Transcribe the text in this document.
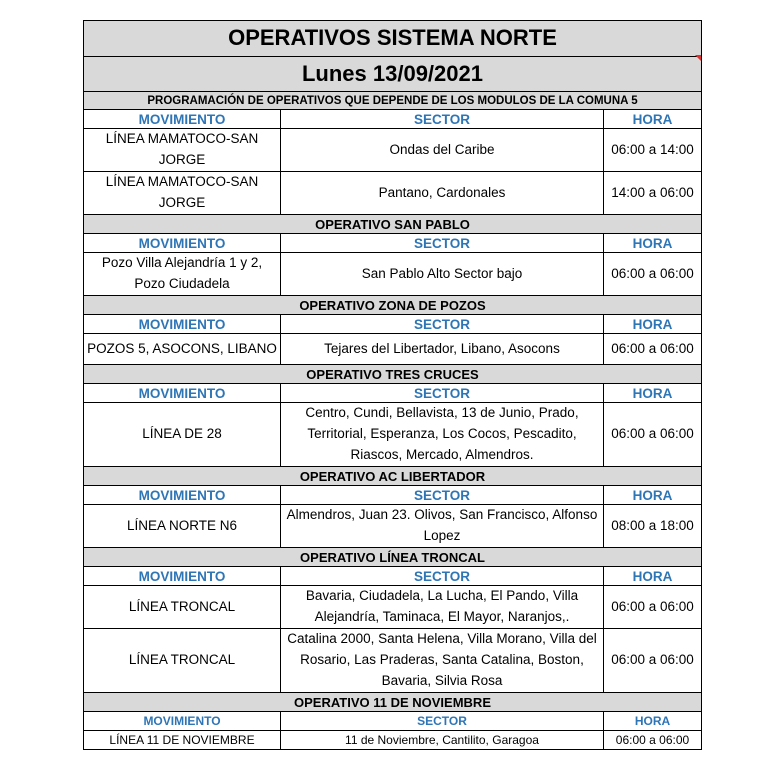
OPERATIVOS SISTEMA NORTE		
Lunes 13/09/2021		
PROGRAMACIÓN DE OPERATIVOS QUE DEPENDE DE LOS MODULOS DE LA COMUNA 5		
MOVIMIENTO	SECTOR	HORA
LÍNEA MAMATOCO-SAN JORGE	Ondas del Caribe	06:00 a 14:00
LÍNEA MAMATOCO-SAN JORGE	Pantano, Cardonales	14:00 a 06:00
OPERATIVO SAN PABLO		
MOVIMIENTO	SECTOR	HORA
Pozo Villa Alejandría 1 y 2, Pozo Ciudadela	San Pablo Alto Sector bajo	06:00 a 06:00
OPERATIVO ZONA DE POZOS		
MOVIMIENTO	SECTOR	HORA
POZOS 5, ASOCONS, LIBANO	Tejares del Libertador, Libano, Asocons	06:00 a 06:00
OPERATIVO TRES CRUCES		
MOVIMIENTO	SECTOR	HORA
LÍNEA DE 28	Centro, Cundi, Bellavista, 13 de Junio, Prado, Territorial, Esperanza, Los Cocos, Pescadito, Riascos, Mercado, Almendros.	06:00 a 06:00
OPERATIVO AC LIBERTADOR		
MOVIMIENTO	SECTOR	HORA
LÍNEA NORTE N6	Almendros, Juan 23. Olivos, San Francisco, Alfonso Lopez	08:00 a 18:00
OPERATIVO LÍNEA TRONCAL		
MOVIMIENTO	SECTOR	HORA
LÍNEA TRONCAL	Bavaria, Ciudadela, La Lucha, El Pando, Villa Alejandría, Taminaca, El Mayor, Naranjos,.	06:00 a 06:00
LÍNEA TRONCAL	Catalina 2000, Santa Helena, Villa Morano, Villa del Rosario, Las Praderas, Santa Catalina, Boston, Bavaria, Silvia Rosa	06:00 a 06:00
OPERATIVO 11 DE NOVIEMBRE		
MOVIMIENTO	SECTOR	HORA
LÍNEA 11 DE NOVIEMBRE	11 de Noviembre, Cantilito, Garagoa	06:00 a 06:00
